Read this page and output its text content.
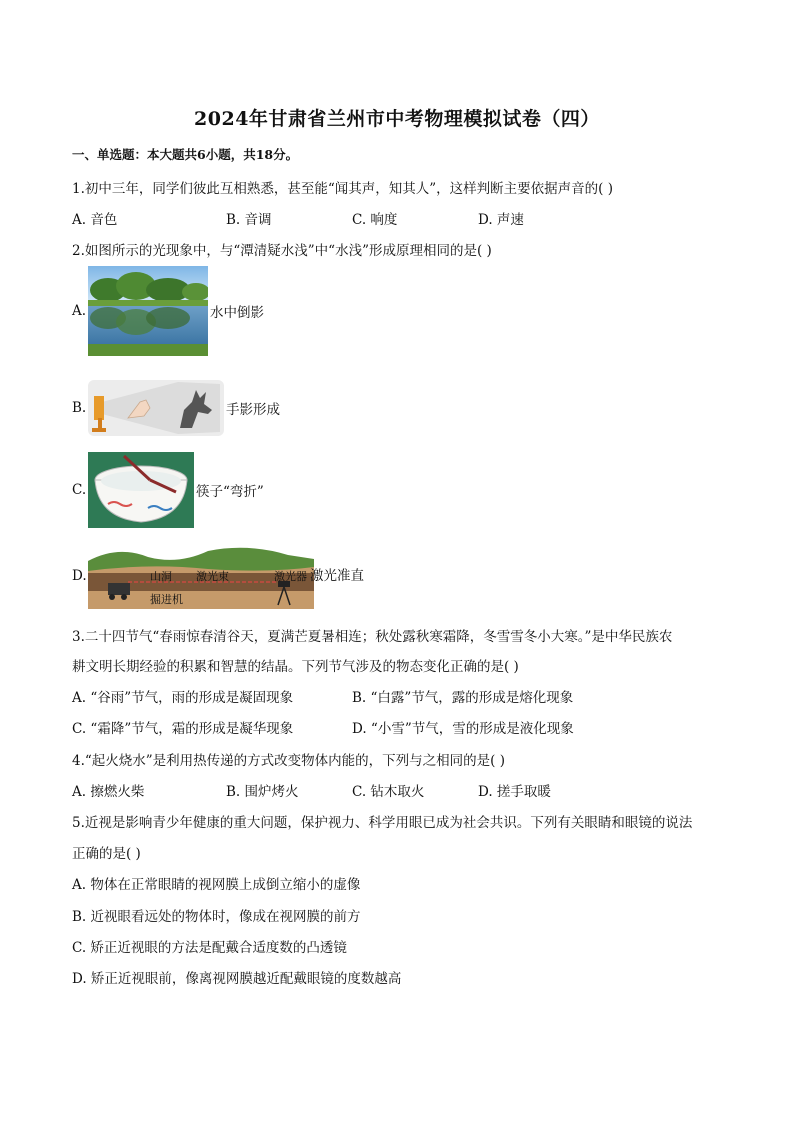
2024年甘肃省兰州市中考物理模拟试卷（四）
一、单选题：本大题共6小题，共18分。
1.初中三年，同学们彼此互相熟悉，甚至能“闻其声，知其人”，这样判断主要依据声音的( )
A. 音色	B. 音调	C. 响度	D. 声速
2.如图所示的光现象中，与“潭清疑水浅”中“水浅”形成原理相同的是( )
A.	水中倒影
B.	手影形成
C.	筷子“弯折”
D.	山洞 激光束	激光器
掘进机
激光准直
3.二十四节气“春雨惊春清谷天，夏满芒夏暑相连；秋处露秋寒霜降，冬雪雪冬小大寒。”是中华民族农
耕文明长期经验的积累和智慧的结晶。下列节气涉及的物态变化正确的是( )
A. “谷雨”节气，雨的形成是凝固现象	B. “白露”节气，露的形成是熔化现象
C. “霜降”节气，霜的形成是凝华现象	D. “小雪”节气，雪的形成是液化现象
4.“起火烧水”是利用热传递的方式改变物体内能的，下列与之相同的是( )
A. 擦燃火柴	B. 围炉烤火	C. 钻木取火	D. 搓手取暖
5.近视是影响青少年健康的重大问题，保护视力、科学用眼已成为社会共识。下列有关眼睛和眼镜的说法
正确的是( )
A. 物体在正常眼睛的视网膜上成倒立缩小的虚像
B. 近视眼看远处的物体时，像成在视网膜的前方
C. 矫正近视眼的方法是配戴合适度数的凸透镜
D. 矫正近视眼前，像离视网膜越近配戴眼镜的度数越高
